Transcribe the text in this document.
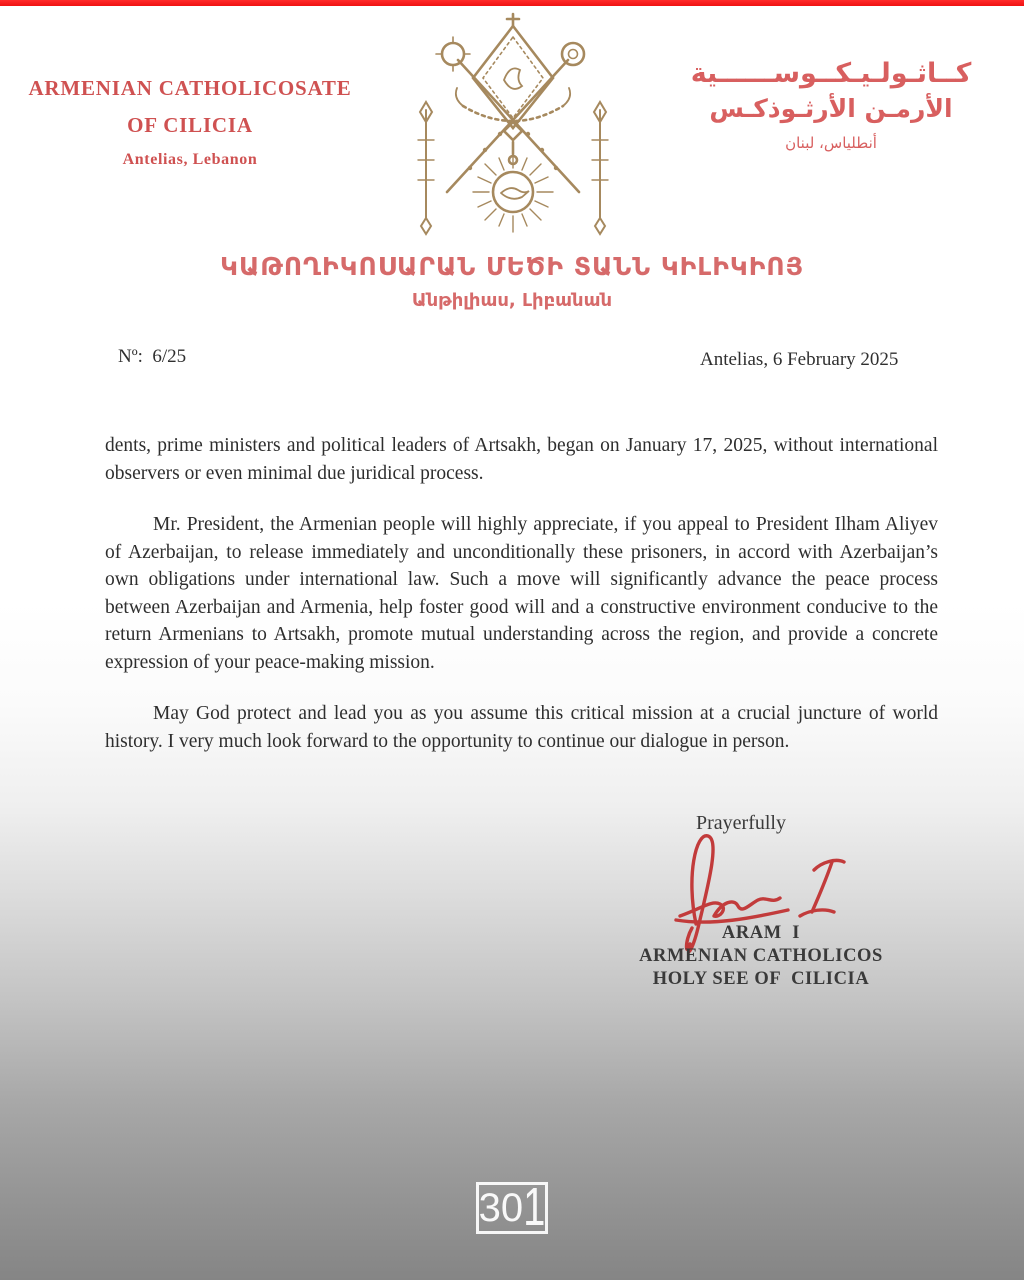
ARMENIAN CATHOLICOSATE
OF CILICIA
Antelias, Lebanon
كــاثـولـيـكــوســــــية
الأرمـن الأرثـوذكـس
أنطلياس، لبنان
ԿԱԹՈՂԻԿՈՍԱՐԱՆ ՄԵԾԻ ՏԱՆՆ ԿԻԼԻԿԻՈՅ
Անթիլիաս, Լիբանան
Nº: 6/25	Antelias, 6 February 2025

dents, prime ministers and political leaders of Artsakh, began on January 17, 2025, without international observers or even minimal due juridical process.

Mr. President, the Armenian people will highly appreciate, if you appeal to President Ilham Aliyev of Azerbaijan, to release immediately and unconditionally these prisoners, in accord with Azerbaijan’s own obligations under international law. Such a move will significantly advance the peace process between Azerbaijan and Armenia, help foster good will and a constructive environment conducive to the return Armenians to Artsakh, promote mutual understanding across the region, and provide a concrete expression of your peace-making mission.

May God protect and lead you as you assume this critical mission at a crucial juncture of world history. I very much look forward to the opportunity to continue our dialogue in person.

Prayerfully
ARAM  I
ARMENIAN CATHOLICOS
HOLY SEE OF  CILICIA
30 1
